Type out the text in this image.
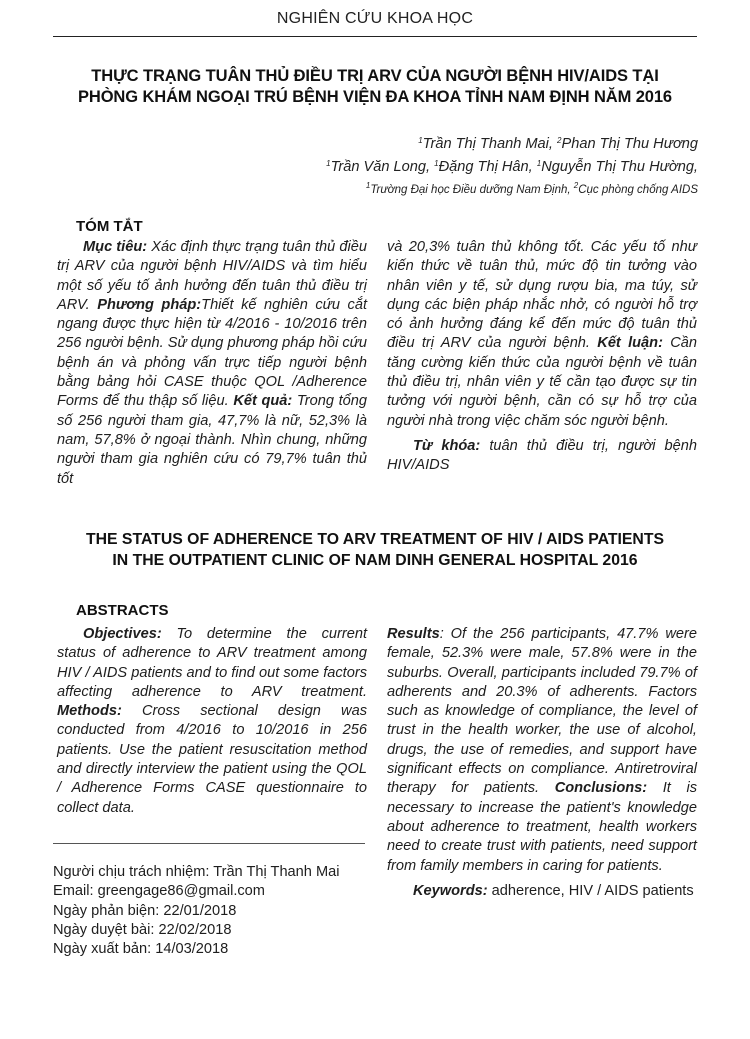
NGHIÊN CỨU KHOA HỌC
THỰC TRẠNG TUÂN THỦ ĐIỀU TRỊ ARV CỦA NGƯỜI BỆNH HIV/AIDS TẠI
PHÒNG KHÁM NGOẠI TRÚ BỆNH VIỆN ĐA KHOA TỈNH NAM ĐỊNH NĂM 2016
$^1$Trần Thị Thanh Mai, $^2$Phan Thị Thu Hương
$^1$Trần Văn Long, $^1$Đặng Thị Hân, $^1$Nguyễn Thị Thu Hường,
$^1$Trường Đại học Điều dưỡng Nam Định, $^2$Cục phòng chống AIDS
TÓM TẮT

Mục tiêu: Xác định thực trạng tuân thủ điều trị ARV của người bệnh HIV/AIDS và tìm hiểu một số yếu tố ảnh hưởng đến tuân thủ điều trị ARV. Phương pháp:Thiết kế nghiên cứu cắt ngang được thực hiện từ 4/2016 - 10/2016 trên 256 người bệnh. Sử dụng phương pháp hồi cứu bệnh án và phỏng vấn trực tiếp người bệnh bằng bảng hỏi CASE thuộc QOL /Adherence Forms để thu thập số liệu. Kết quả: Trong tổng số 256 người tham gia, 47,7% là nữ, 52,3% là nam, 57,8% ở ngoại thành. Nhìn chung, những người tham gia nghiên cứu có 79,7% tuân thủ tốt

và 20,3% tuân thủ không tốt. Các yếu tố như kiến thức về tuân thủ, mức độ tin tưởng vào nhân viên y tế, sử dụng rượu bia, ma túy, sử dụng các biện pháp nhắc nhở, có người hỗ trợ có ảnh hưởng đáng kể đến mức độ tuân thủ điều trị ARV của người bệnh. Kết luận: Cần tăng cường kiến thức của người bệnh về tuân thủ điều trị, nhân viên y tế cần tạo được sự tin tưởng với người bệnh, cần có sự hỗ trợ của người nhà trong việc chăm sóc người bệnh.

Từ khóa: tuân thủ điều trị, người bệnh HIV/AIDS

THE STATUS OF ADHERENCE TO ARV TREATMENT OF HIV / AIDS PATIENTS
IN THE OUTPATIENT CLINIC OF NAM DINH GENERAL HOSPITAL 2016
ABSTRACTS

Objectives: To determine the current status of adherence to ARV treatment among HIV / AIDS patients and to find out some factors affecting adherence to ARV treatment. Methods: Cross sectional design was conducted from 4/2016 to 10/2016 in 256 patients. Use the patient resuscitation method and directly interview the patient using the QOL / Adherence Forms CASE questionnaire to collect data.

Results: Of the 256 participants, 47.7% were female, 52.3% were male, 57.8% were in the suburbs. Overall, participants included 79.7% of adherents and 20.3% of adherents. Factors such as knowledge of compliance, the level of trust in the health worker, the use of alcohol, drugs, the use of remedies, and support have significant effects on compliance. Antiretroviral therapy for patients. Conclusions: It is necessary to increase the patient's knowledge about adherence to treatment, health workers need to create trust with patients, need support from family members in caring for patients.

Keywords: adherence, HIV / AIDS patients

Người chịu trách nhiệm: Trần Thị Thanh Mai
Email: greengage86@gmail.com
Ngày phản biện: 22/01/2018
Ngày duyệt bài: 22/02/2018
Ngày xuất bản: 14/03/2018
